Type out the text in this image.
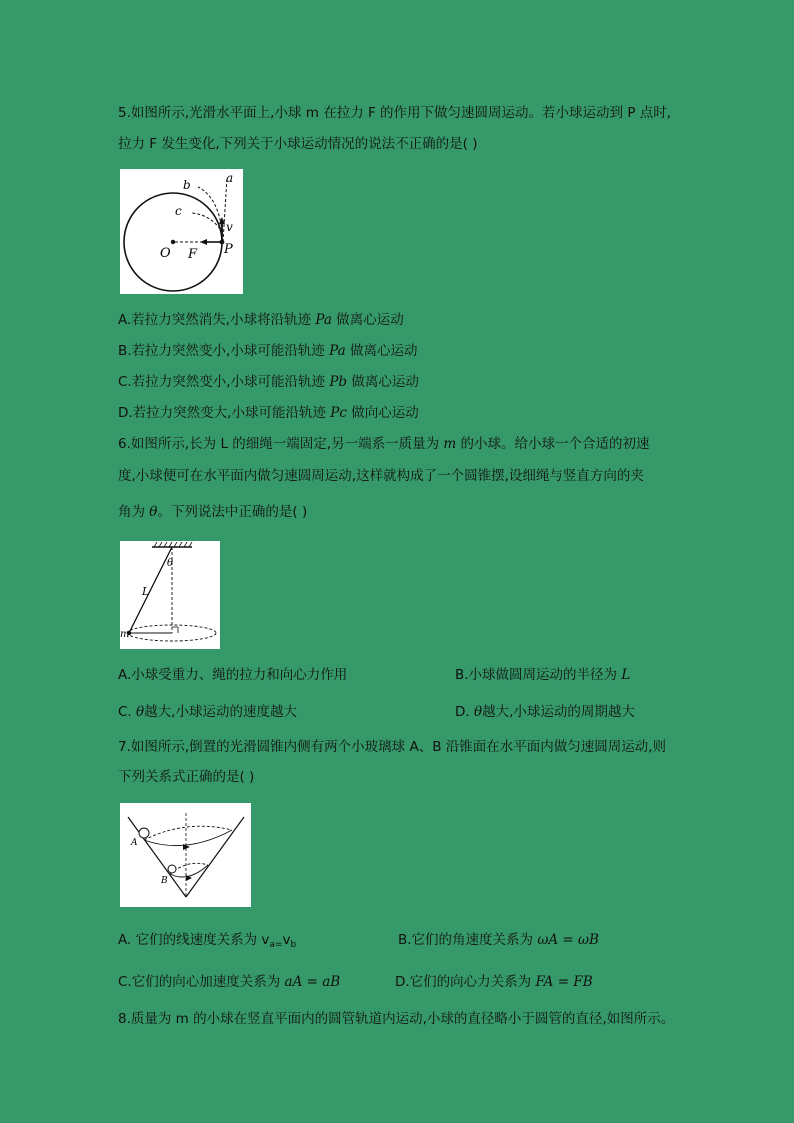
5.如图所示,光滑水平面上,小球 m 在拉力 F 的作用下做匀速圆周运动。若小球运动到 P 点时,
拉力 F 发生变化,下列关于小球运动情况的说法不正确的是( )
a
b
c
v
O F P
A.若拉力突然消失,小球将沿轨迹 Pa 做离心运动
B.若拉力突然变小,小球可能沿轨迹 Pa 做离心运动
C.若拉力突然变小,小球可能沿轨迹 Pb 做离心运动
D.若拉力突然变大,小球可能沿轨迹 Pc 做向心运动
6.如图所示,长为 L 的细绳一端固定,另一端系一质量为 m 的小球。给小球一个合适的初速
度,小球便可在水平面内做匀速圆周运动,这样就构成了一个圆锥摆,设细绳与竖直方向的夹
角为 θ。下列说法中正确的是( )
θ
L
m
A.小球受重力、绳的拉力和向心力作用	B.小球做圆周运动的半径为 L
C. θ越大,小球运动的速度越大	D. θ越大,小球运动的周期越大
7.如图所示,倒置的光滑圆锥内侧有两个小玻璃球 A、B 沿锥面在水平面内做匀速圆周运动,则
下列关系式正确的是( )
A
B
A. 它们的线速度关系为 $v_{a=}v_b$	B.它们的角速度关系为 ωA = ωB
C.它们的向心加速度关系为 aA = aB	D.它们的向心力关系为 FA = FB
8.质量为 m 的小球在竖直平面内的圆管轨道内运动,小球的直径略小于圆管的直径,如图所示。
